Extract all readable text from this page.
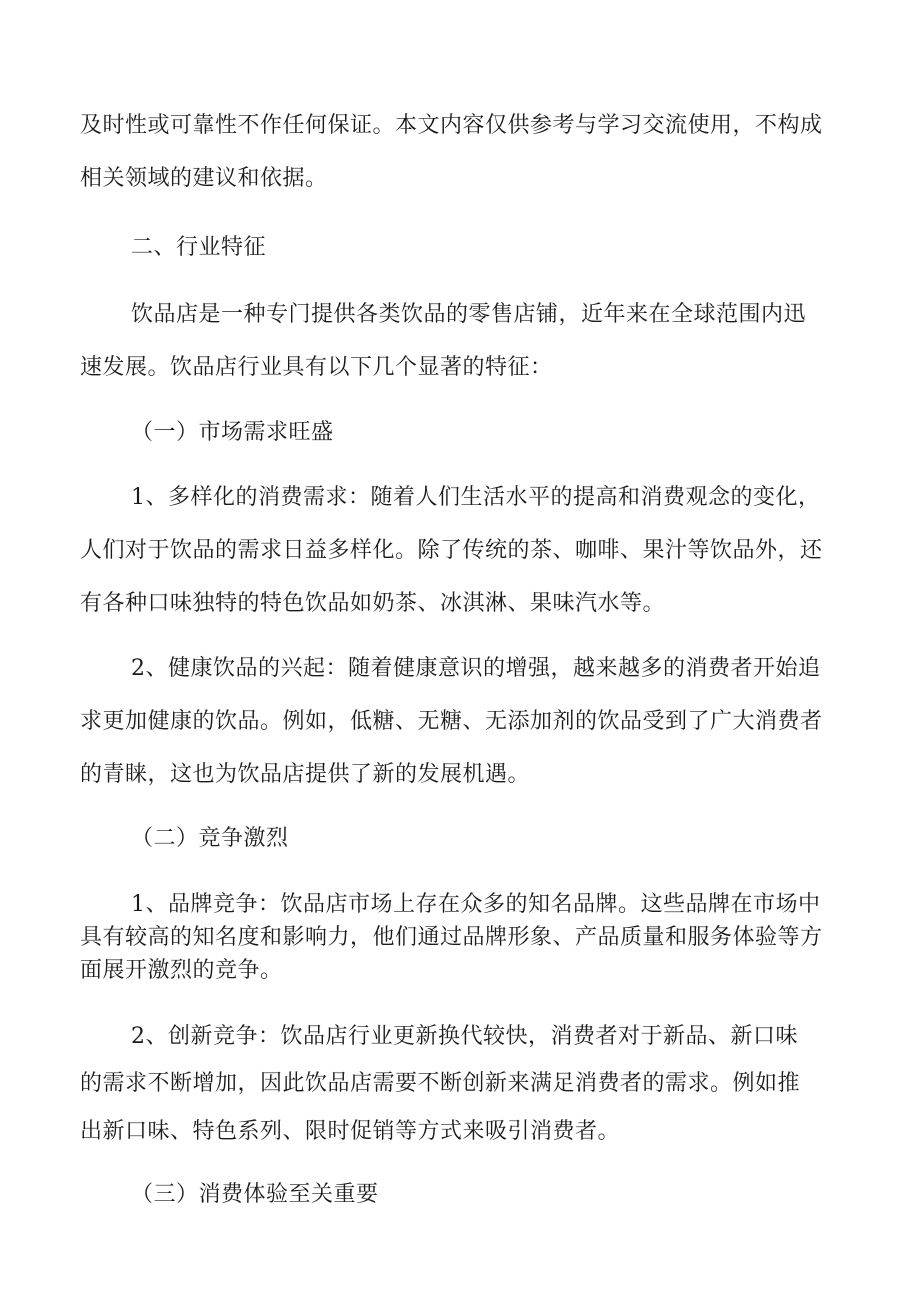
及时性或可靠性不作任何保证。本文内容仅供参考与学习交流使用，不构成
相关领域的建议和依据。
二、行业特征
饮品店是一种专门提供各类饮品的零售店铺，近年来在全球范围内迅
速发展。饮品店行业具有以下几个显著的特征：
（一）市场需求旺盛
1、多样化的消费需求：随着人们生活水平的提高和消费观念的变化，
人们对于饮品的需求日益多样化。除了传统的茶、咖啡、果汁等饮品外，还
有各种口味独特的特色饮品如奶茶、冰淇淋、果味汽水等。
2、健康饮品的兴起：随着健康意识的增强，越来越多的消费者开始追
求更加健康的饮品。例如，低糖、无糖、无添加剂的饮品受到了广大消费者
的青睐，这也为饮品店提供了新的发展机遇。
（二）竞争激烈
1、品牌竞争：饮品店市场上存在众多的知名品牌。这些品牌在市场中
具有较高的知名度和影响力，他们通过品牌形象、产品质量和服务体验等方
面展开激烈的竞争。
2、创新竞争：饮品店行业更新换代较快，消费者对于新品、新口味
的需求不断增加，因此饮品店需要不断创新来满足消费者的需求。例如推
出新口味、特色系列、限时促销等方式来吸引消费者。
（三）消费体验至关重要
